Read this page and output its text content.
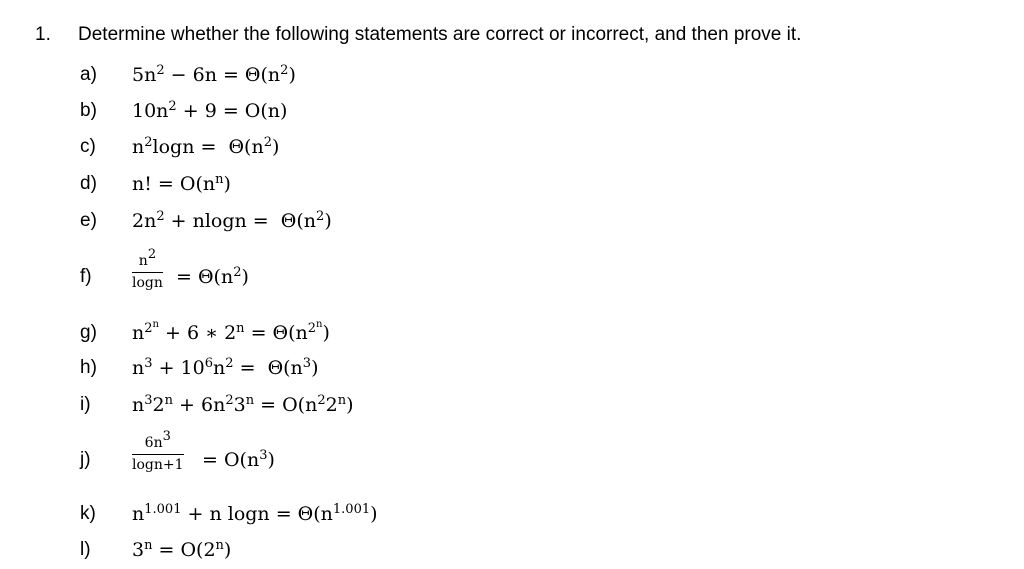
1. Determine whether the following statements are correct or incorrect, and then prove it.
a) $5n^2 - 6n = \Theta(n^2)$
b) $10n^2 + 9 = O(n)$
c) $n^2\log n = \Theta(n^2)$
d) n! = $O(n^n)$
e) $2n^2 + nlogn = \Theta(n^2)$
f)	$\frac{n^2}{\log n} = \Theta(n^2)$
g) $n^{2^n} + 6$ ∗ $2^n = \Theta(n^{2^n})$
h) $n^3 + 10^6n^2 = \Theta(n^3)$
i) $n^32^n + 6n^23^n = O(n^22^n)$
j)	$\frac{6n^3}{\log n+1} = O(n^3)$
k) $n^{1.001} + n$ $\log n = \Theta(n^{1.001})$
l) $3^n = O(2^n)$
